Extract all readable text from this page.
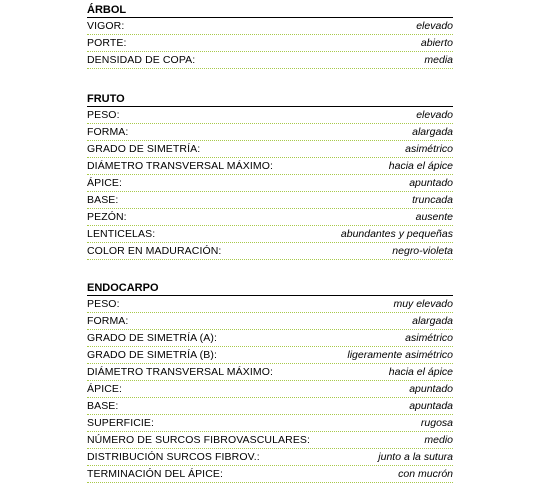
ÁRBOL
VIGOR:	elevado
PORTE:	abierto
DENSIDAD DE COPA:	media
FRUTO
PESO:	elevado
FORMA:	alargada
GRADO DE SIMETRÍA:	asimétrico
DIÁMETRO TRANSVERSAL MÁXIMO:	hacia el ápice
ÁPICE:	apuntado
BASE:	truncada
PEZÓN:	ausente
LENTICELAS:	abundantes y pequeñas
COLOR EN MADURACIÓN:	negro-violeta
ENDOCARPO
PESO:	muy elevado
FORMA:	alargada
GRADO DE SIMETRÍA (A):	asimétrico
GRADO DE SIMETRÍA (B):	ligeramente asimétrico
DIÁMETRO TRANSVERSAL MÁXIMO:	hacia el ápice
ÁPICE:	apuntado
BASE:	apuntada
SUPERFICIE:	rugosa
NÚMERO DE SURCOS FIBROVASCULARES:	medio
DISTRIBUCIÓN SURCOS FIBROV.:	junto a la sutura
TERMINACIÓN DEL ÁPICE:	con mucrón
